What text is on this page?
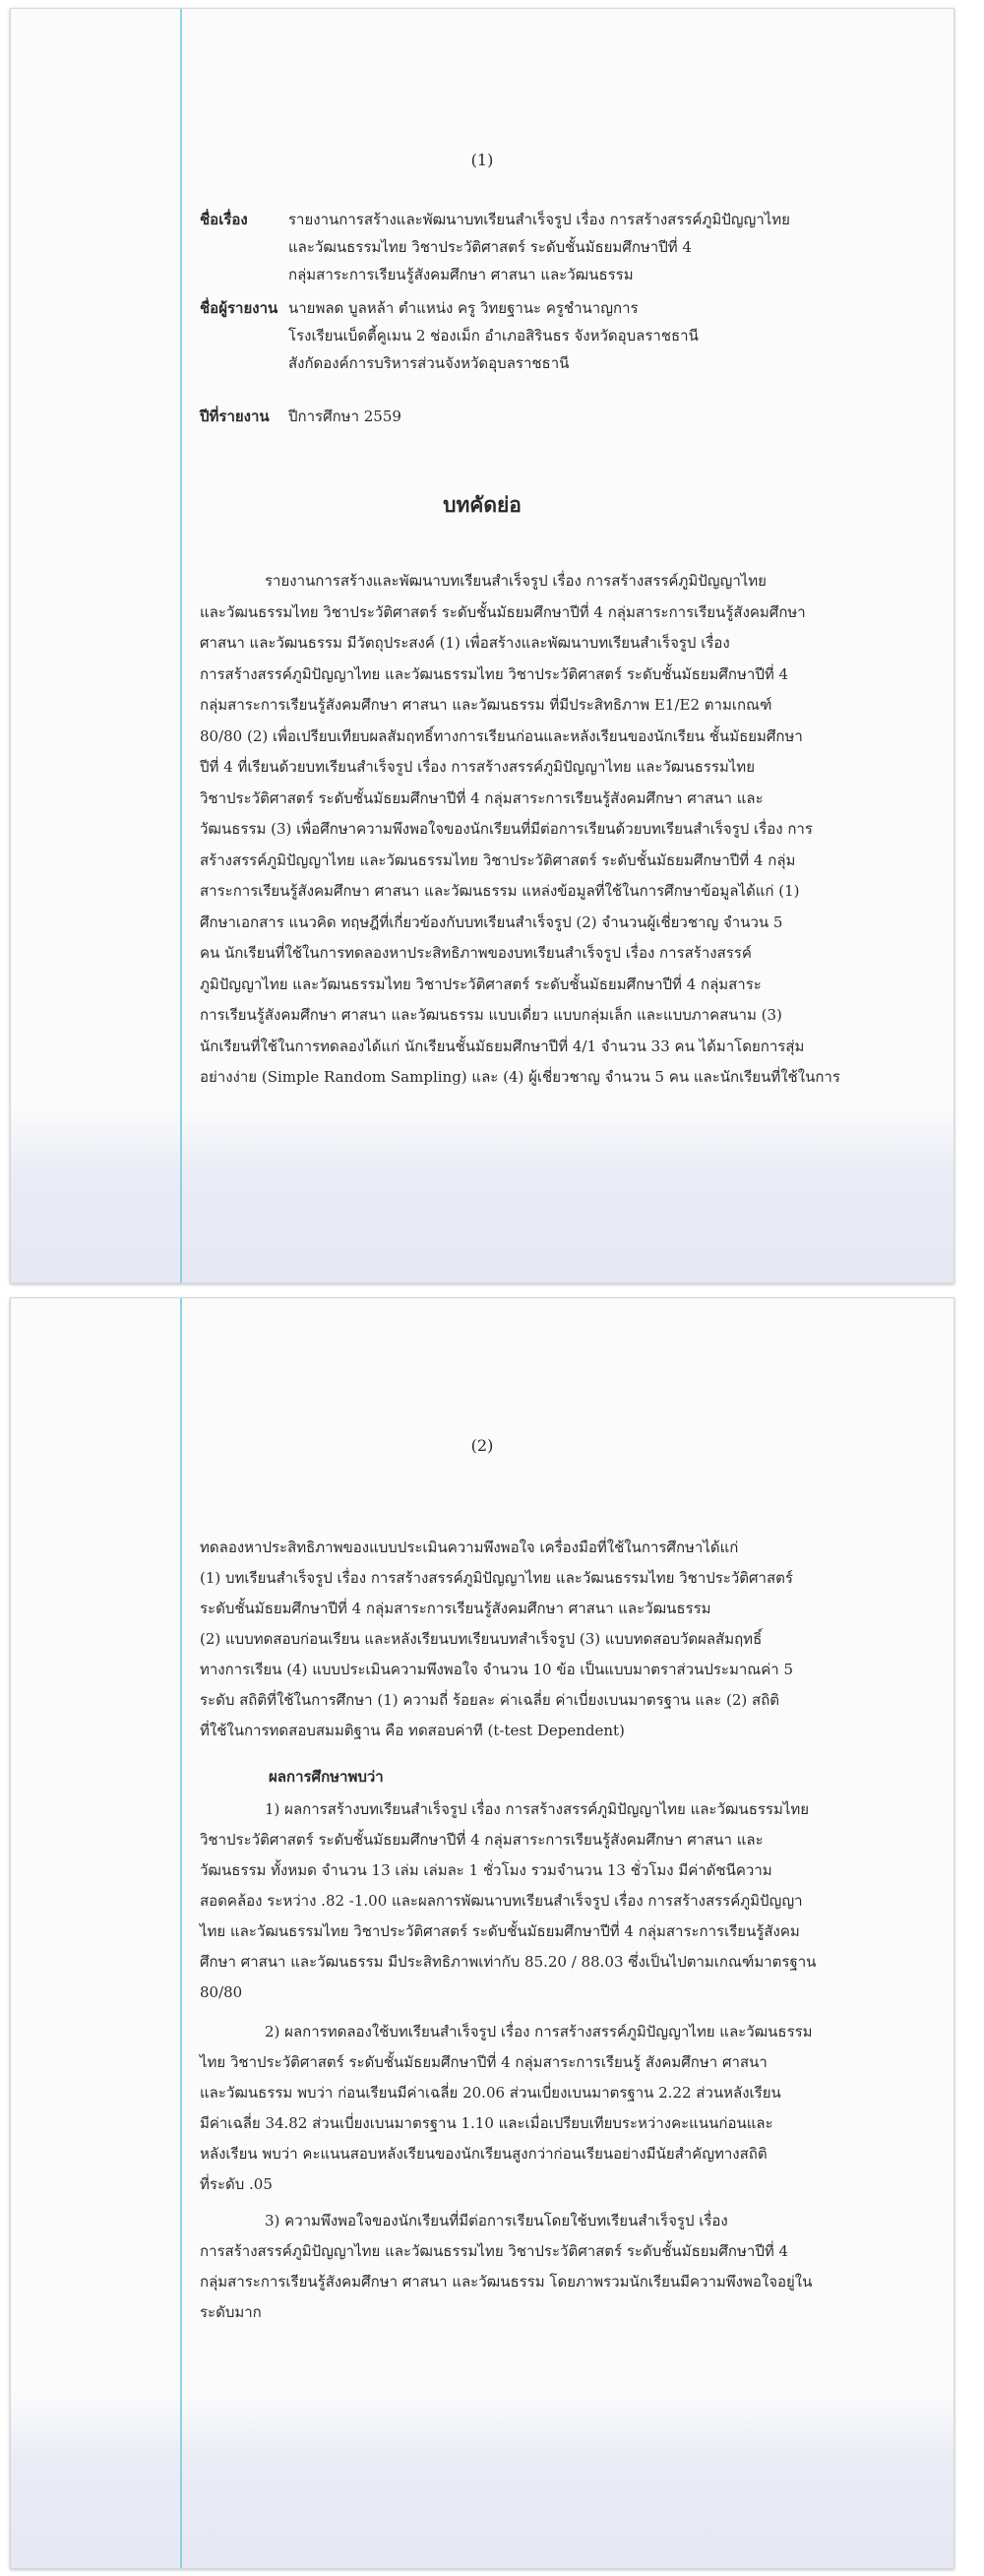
(1)
ชื่อเรื่อง	รายงานการสร้างและพัฒนาบทเรียนสำเร็จรูป เรื่อง การสร้างสรรค์ภูมิปัญญาไทย
และวัฒนธรรมไทย วิชาประวัติศาสตร์ ระดับชั้นมัธยมศึกษาปีที่ 4
กลุ่มสาระการเรียนรู้สังคมศึกษา ศาสนา และวัฒนธรรม
ชื่อผู้รายงาน นายพลด บูลหล้า ตำแหน่ง ครู วิทยฐานะ ครูชำนาญการ
โรงเรียนเบ็ดตี้คูเมน 2 ช่องเม็ก อำเภอสิรินธร จังหวัดอุบลราชธานี
สังกัดองค์การบริหารส่วนจังหวัดอุบลราชธานี
ปีที่รายงาน	ปีการศึกษา 2559
บทคัดย่อ
รายงานการสร้างและพัฒนาบทเรียนสำเร็จรูป เรื่อง การสร้างสรรค์ภูมิปัญญาไทย
และวัฒนธรรมไทย วิชาประวัติศาสตร์ ระดับชั้นมัธยมศึกษาปีที่ 4 กลุ่มสาระการเรียนรู้สังคมศึกษา
ศาสนา และวัฒนธรรม มีวัตถุประสงค์ (1) เพื่อสร้างและพัฒนาบทเรียนสำเร็จรูป เรื่อง
การสร้างสรรค์ภูมิปัญญาไทย และวัฒนธรรมไทย วิชาประวัติศาสตร์ ระดับชั้นมัธยมศึกษาปีที่ 4
กลุ่มสาระการเรียนรู้สังคมศึกษา ศาสนา และวัฒนธรรม ที่มีประสิทธิภาพ E1/E2 ตามเกณฑ์
80/80 (2) เพื่อเปรียบเทียบผลสัมฤทธิ์ทางการเรียนก่อนและหลังเรียนของนักเรียน ชั้นมัธยมศึกษา
ปีที่ 4 ที่เรียนด้วยบทเรียนสำเร็จรูป เรื่อง การสร้างสรรค์ภูมิปัญญาไทย และวัฒนธรรมไทย
วิชาประวัติศาสตร์ ระดับชั้นมัธยมศึกษาปีที่ 4 กลุ่มสาระการเรียนรู้สังคมศึกษา ศาสนา และ
วัฒนธรรม (3) เพื่อศึกษาความพึงพอใจของนักเรียนที่มีต่อการเรียนด้วยบทเรียนสำเร็จรูป เรื่อง การ
สร้างสรรค์ภูมิปัญญาไทย และวัฒนธรรมไทย วิชาประวัติศาสตร์ ระดับชั้นมัธยมศึกษาปีที่ 4 กลุ่ม
สาระการเรียนรู้สังคมศึกษา ศาสนา และวัฒนธรรม แหล่งข้อมูลที่ใช้ในการศึกษาข้อมูลได้แก่ (1)
ศึกษาเอกสาร แนวคิด ทฤษฎีที่เกี่ยวข้องกับบทเรียนสำเร็จรูป (2) จำนวนผู้เชี่ยวชาญ จำนวน 5
คน นักเรียนที่ใช้ในการทดลองหาประสิทธิภาพของบทเรียนสำเร็จรูป เรื่อง การสร้างสรรค์
ภูมิปัญญาไทย และวัฒนธรรมไทย วิชาประวัติศาสตร์ ระดับชั้นมัธยมศึกษาปีที่ 4 กลุ่มสาระ
การเรียนรู้สังคมศึกษา ศาสนา และวัฒนธรรม แบบเดี่ยว แบบกลุ่มเล็ก และแบบภาคสนาม (3)
นักเรียนที่ใช้ในการทดลองได้แก่ นักเรียนชั้นมัธยมศึกษาปีที่ 4/1 จำนวน 33 คน ได้มาโดยการสุ่ม
อย่างง่าย (Simple Random Sampling) และ (4) ผู้เชี่ยวชาญ จำนวน 5 คน และนักเรียนที่ใช้ในการ
(2)
ทดลองหาประสิทธิภาพของแบบประเมินความพึงพอใจ เครื่องมือที่ใช้ในการศึกษาได้แก่
(1) บทเรียนสำเร็จรูป เรื่อง การสร้างสรรค์ภูมิปัญญาไทย และวัฒนธรรมไทย วิชาประวัติศาสตร์
ระดับชั้นมัธยมศึกษาปีที่ 4 กลุ่มสาระการเรียนรู้สังคมศึกษา ศาสนา และวัฒนธรรม
(2) แบบทดสอบก่อนเรียน และหลังเรียนบทเรียนบทสำเร็จรูป (3) แบบทดสอบวัดผลสัมฤทธิ์
ทางการเรียน (4) แบบประเมินความพึงพอใจ จำนวน 10 ข้อ เป็นแบบมาตราส่วนประมาณค่า 5
ระดับ สถิติที่ใช้ในการศึกษา (1) ความถี่ ร้อยละ ค่าเฉลี่ย ค่าเบี่ยงเบนมาตรฐาน และ (2) สถิติ
ที่ใช้ในการทดสอบสมมติฐาน คือ ทดสอบค่าที (t-test Dependent)
ผลการศึกษาพบว่า
1) ผลการสร้างบทเรียนสำเร็จรูป เรื่อง การสร้างสรรค์ภูมิปัญญาไทย และวัฒนธรรมไทย
วิชาประวัติศาสตร์ ระดับชั้นมัธยมศึกษาปีที่ 4 กลุ่มสาระการเรียนรู้สังคมศึกษา ศาสนา และ
วัฒนธรรม ทั้งหมด จำนวน 13 เล่ม เล่มละ 1 ชั่วโมง รวมจำนวน 13 ชั่วโมง มีค่าดัชนีความ
สอดคล้อง ระหว่าง .82 -1.00 และผลการพัฒนาบทเรียนสำเร็จรูป เรื่อง การสร้างสรรค์ภูมิปัญญา
ไทย และวัฒนธรรมไทย วิชาประวัติศาสตร์ ระดับชั้นมัธยมศึกษาปีที่ 4 กลุ่มสาระการเรียนรู้สังคม
ศึกษา ศาสนา และวัฒนธรรม มีประสิทธิภาพเท่ากับ 85.20 / 88.03 ซึ่งเป็นไปตามเกณฑ์มาตรฐาน
80/80
2) ผลการทดลองใช้บทเรียนสำเร็จรูป เรื่อง การสร้างสรรค์ภูมิปัญญาไทย และวัฒนธรรม
ไทย วิชาประวัติศาสตร์ ระดับชั้นมัธยมศึกษาปีที่ 4 กลุ่มสาระการเรียนรู้ สังคมศึกษา ศาสนา
และวัฒนธรรม พบว่า ก่อนเรียนมีค่าเฉลี่ย 20.06 ส่วนเบี่ยงเบนมาตรฐาน 2.22 ส่วนหลังเรียน
มีค่าเฉลี่ย 34.82 ส่วนเบี่ยงเบนมาตรฐาน 1.10 และเมื่อเปรียบเทียบระหว่างคะแนนก่อนและ
หลังเรียน พบว่า คะแนนสอบหลังเรียนของนักเรียนสูงกว่าก่อนเรียนอย่างมีนัยสำคัญทางสถิติ
ที่ระดับ .05
3) ความพึงพอใจของนักเรียนที่มีต่อการเรียนโดยใช้บทเรียนสำเร็จรูป เรื่อง
การสร้างสรรค์ภูมิปัญญาไทย และวัฒนธรรมไทย วิชาประวัติศาสตร์ ระดับชั้นมัธยมศึกษาปีที่ 4
กลุ่มสาระการเรียนรู้สังคมศึกษา ศาสนา และวัฒนธรรม โดยภาพรวมนักเรียนมีความพึงพอใจอยู่ใน
ระดับมาก
